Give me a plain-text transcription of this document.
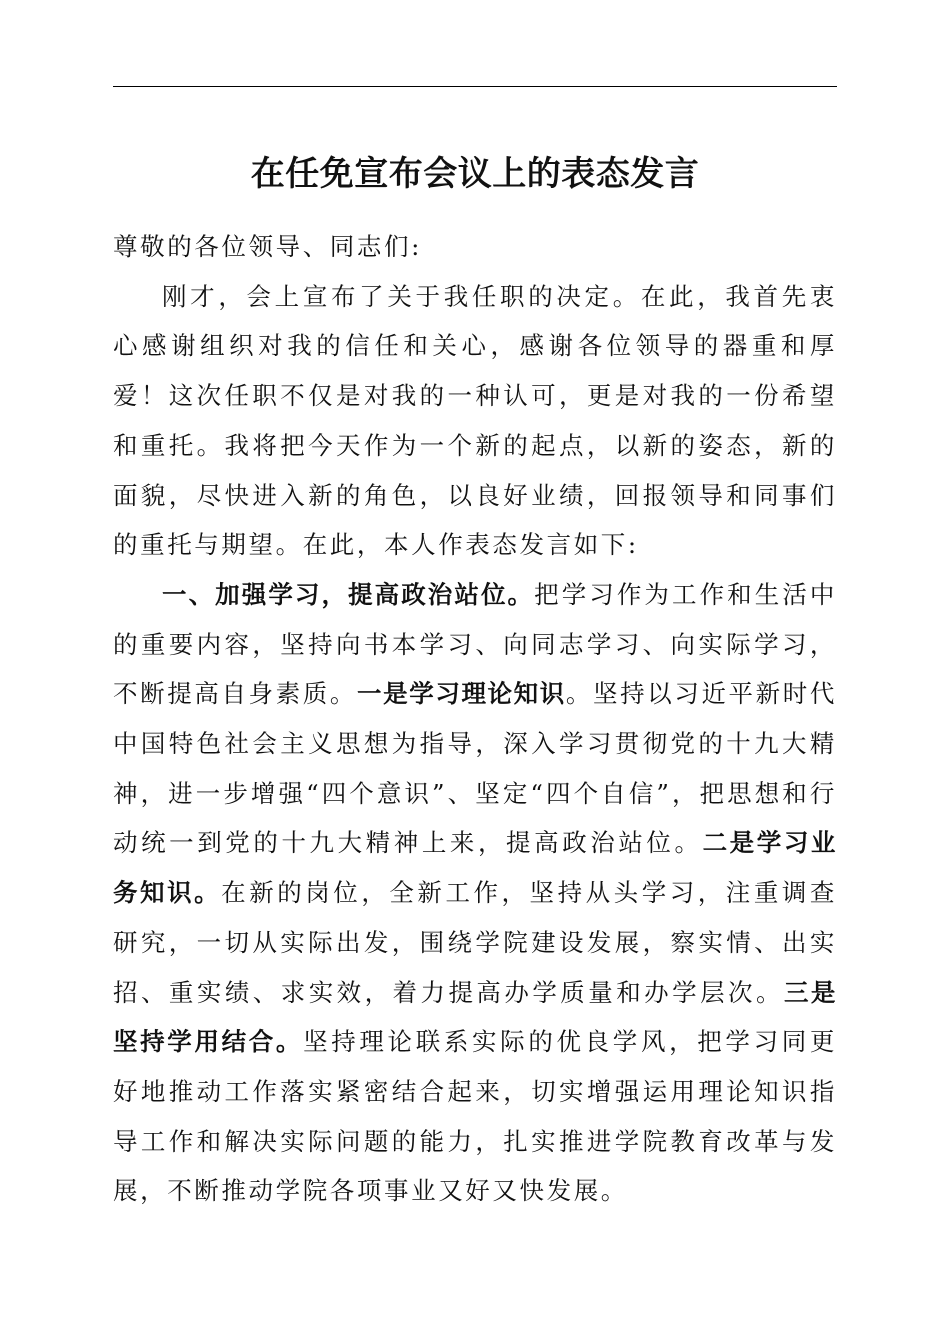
在任免宣布会议上的表态发言

尊敬的各位领导、同志们:

刚才，会上宣布了关于我任职的决定。在此，我首先衷心感谢组织对我的信任和关心，感谢各位领导的器重和厚爱！这次任职不仅是对我的一种认可，更是对我的一份希望和重托。我将把今天作为一个新的起点，以新的姿态，新的面貌，尽快进入新的角色，以良好业绩，回报领导和同事们的重托与期望。在此，本人作表态发言如下:

一、加强学习，提高政治站位。把学习作为工作和生活中的重要内容，坚持向书本学习、向同志学习、向实际学习，不断提高自身素质。一是学习理论知识。坚持以习近平新时代中国特色社会主义思想为指导，深入学习贯彻党的十九大精神，进一步增强“四个意识”、坚定“四个自信”，把思想和行动统一到党的十九大精神上来，提高政治站位。二是学习业务知识。在新的岗位，全新工作，坚持从头学习，注重调查研究，一切从实际出发，围绕学院建设发展，察实情、出实招、重实绩、求实效，着力提高办学质量和办学层次。三是坚持学用结合。坚持理论联系实际的优良学风，把学习同更好地推动工作落实紧密结合起来，切实增强运用理论知识指导工作和解决实际问题的能力，扎实推进学院教育改革与发展，不断推动学院各项事业又好又快发展。
